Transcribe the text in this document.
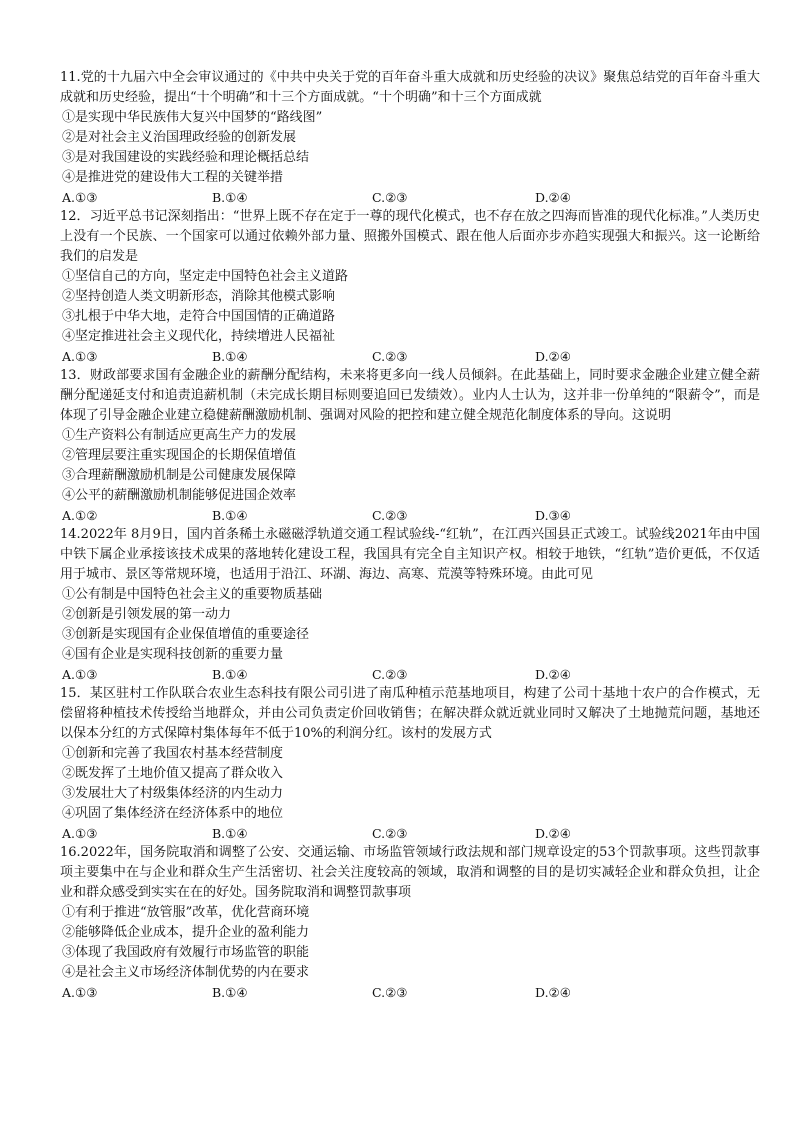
11.党的十九届六中全会审议通过的《中共中央关于党的百年奋斗重大成就和历史经验的决议》聚焦总结党的百年奋斗重大成就和历史经验，提出“十个明确”和十三个方面成就。“十个明确”和十三个方面成就

①是实现中华民族伟大复兴中国梦的“路线图”

②是对社会主义治国理政经验的创新发展

③是对我国建设的实践经验和理论概括总结

④是推进党的建设伟大工程的关键举措

A.①③	B.①④	C.②③	D.②④

12．习近平总书记深刻指出：“世界上既不存在定于一尊的现代化模式，也不存在放之四海而皆准的现代化标准。”人类历史上没有一个民族、一个国家可以通过依赖外部力量、照搬外国模式、跟在他人后面亦步亦趋实现强大和振兴。这一论断给我们的启发是

①坚信自己的方向，坚定走中国特色社会主义道路

②坚持创造人类文明新形态，消除其他模式影响

③扎根于中华大地，走符合中国国情的正确道路

④坚定推进社会主义现代化，持续增进人民福祉

A.①③	B.①④	C.②③	D.②④

13．财政部要求国有金融企业的薪酬分配结构，未来将更多向一线人员倾斜。在此基础上，同时要求金融企业建立健全薪酬分配递延支付和追责追薪机制（未完成长期目标则要追回已发绩效）。业内人士认为，这并非一份单纯的“限薪令”，而是体现了引导金融企业建立稳健薪酬激励机制、强调对风险的把控和建立健全规范化制度体系的导向。这说明

①生产资料公有制适应更高生产力的发展

②管理层要注重实现国企的长期保值增值

③合理薪酬激励机制是公司健康发展保障

④公平的薪酬激励机制能够促进国企效率

A.①②	B.①④	C.②③	D.③④

14.2022年 8月9日，国内首条稀土永磁磁浮轨道交通工程试验线-“红轨”，在江西兴国县正式竣工。试验线2021年由中国中铁下属企业承接该技术成果的落地转化建设工程，我国具有完全自主知识产权。相较于地铁，“红轨”造价更低，不仅适用于城市、景区等常规环境，也适用于沿江、环湖、海边、高寒、荒漠等特殊环境。由此可见

①公有制是中国特色社会主义的重要物质基础

②创新是引领发展的第一动力

③创新是实现国有企业保值增值的重要途径

④国有企业是实现科技创新的重要力量

A.①③	B.①④	C.②③	D.②④

15．某区驻村工作队联合农业生态科技有限公司引进了南瓜种植示范基地项目，构建了公司十基地十农户的合作模式，无偿留将种植技术传授给当地群众，并由公司负责定价回收销售；在解决群众就近就业同时又解决了土地抛荒问题，基地还以保本分红的方式保障村集体每年不低于10%的利润分红。该村的发展方式

①创新和完善了我国农村基本经营制度

②既发挥了土地价值又提高了群众收入

③发展壮大了村级集体经济的内生动力

④巩固了集体经济在经济体系中的地位

A.①③	B.①④	C.②③	D.②④

16.2022年，国务院取消和调整了公安、交通运输、市场监管领域行政法规和部门规章设定的53个罚款事项。这些罚款事项主要集中在与企业和群众生产生活密切、社会关注度较高的领域，取消和调整的目的是切实减轻企业和群众负担，让企业和群众感受到实实在在的好处。国务院取消和调整罚款事项

①有利于推进“放管服”改革，优化营商环境

②能够降低企业成本，提升企业的盈利能力

③体现了我国政府有效履行市场监管的职能

④是社会主义市场经济体制优势的内在要求

A.①③	B.①④	C.②③	D.②④
